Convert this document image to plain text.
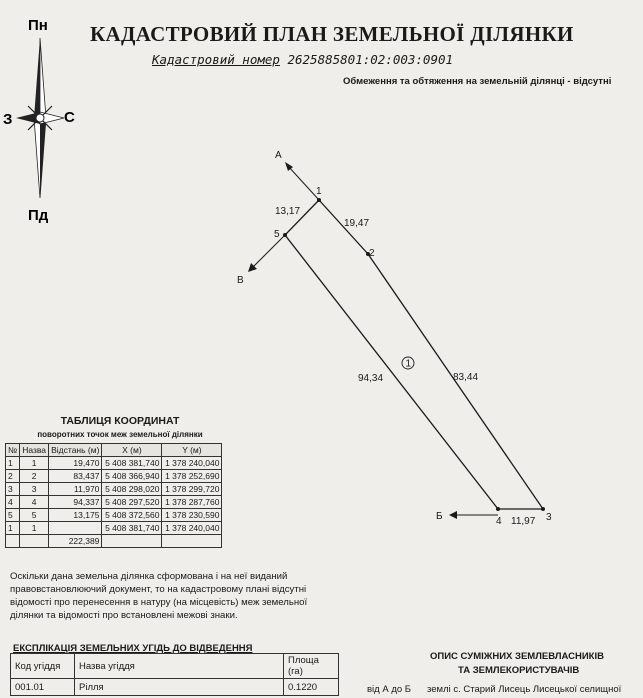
КАДАСТРОВИЙ ПЛАН ЗЕМЕЛЬНОЇ ДІЛЯНКИ
Кадастровий номер 2625885801:02:003:0901
Обмеження та обтяження на земельній ділянці - відсутні
Пн
Пд
З	С
А
Б
В
1
2
3
4
5
13,17
19,47
83,44
11,97
94,34
1
ТАБЛИЦЯ КООРДИНАТ
поворотних точок меж земельної ділянки
№	Назва	Відстань (м)	X (м)	Y (м)
1	1	19,470	5 408 381,740	1 378 240,040
2	2	83,437	5 408 366,940	1 378 252,690
3	3	11,970	5 408 298,020	1 378 299,720
4	4	94,337	5 408 297,520	1 378 287,760
5	5	13,175	5 408 372,560	1 378 230,590
1	1		5 408 381,740	1 378 240,040
		222,389		
Оскільки дана земельна ділянка сформована і на неї виданий правовстановлюючий документ, то на кадастровому плані відсутні відомості про перенесення в натуру (на місцевість) меж земельної ділянки та відомості про встановлені межові знаки.
ЕКСПЛІКАЦІЯ ЗЕМЕЛЬНИХ УГІДЬ ДО ВІДВЕДЕННЯ
Код угіддя	Назва угіддя	Площа (га)
001.01	Рілля	0.1220
ОПИС СУМІЖНИХ ЗЕМЛЕВЛАСНИКІВ
ТА ЗЕМЛЕКОРИСТУВАЧІВ
від А до Б землі с. Старий Лисець Лисецької селищної
